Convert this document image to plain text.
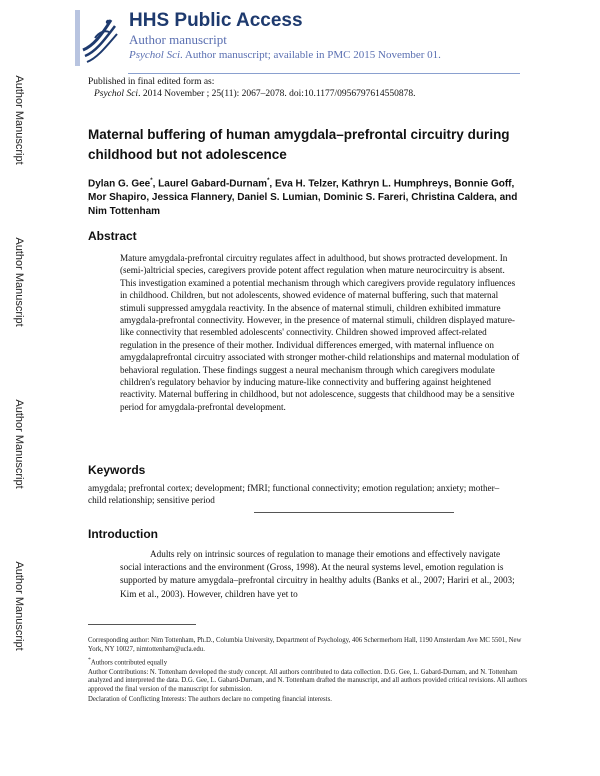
Author Manuscript
Author Manuscript
Author Manuscript
Author Manuscript
HHS Public Access
Author manuscript
Psychol Sci. Author manuscript; available in PMC 2015 November 01.
Published in final edited form as:
Psychol Sci. 2014 November ; 25(11): 2067–2078. doi:10.1177/0956797614550878.
Maternal buffering of human amygdala–prefrontal circuitry during childhood but not adolescence
Dylan G. Gee*, Laurel Gabard-Durnam*, Eva H. Telzer, Kathryn L. Humphreys, Bonnie Goff, Mor Shapiro, Jessica Flannery, Daniel S. Lumian, Dominic S. Fareri, Christina Caldera, and Nim Tottenham
Abstract
Mature amygdala-prefrontal circuitry regulates affect in adulthood, but shows protracted development. In (semi-)altricial species, caregivers provide potent affect regulation when mature neurocircuitry is absent. This investigation examined a potential mechanism through which caregivers provide regulatory influences in childhood. Children, but not adolescents, showed evidence of maternal buffering, such that maternal stimuli suppressed amygdala reactivity. In the absence of maternal stimuli, children exhibited immature amygdala-prefrontal connectivity. However, in the presence of maternal stimuli, children displayed mature-like connectivity that resembled adolescents' connectivity. Children showed improved affect-related regulation in the presence of their mother. Individual differences emerged, with maternal influence on amygdalaprefrontal circuitry associated with stronger mother-child relationships and maternal modulation of behavioral regulation. These findings suggest a neural mechanism through which caregivers modulate children's regulatory behavior by inducing mature-like connectivity and buffering against heightened reactivity. Maternal buffering in childhood, but not adolescence, suggests that childhood may be a sensitive period for amygdala-prefrontal development.
Keywords
amygdala; prefrontal cortex; development; fMRI; functional connectivity; emotion regulation; anxiety; mother–child relationship; sensitive period
Introduction
Adults rely on intrinsic sources of regulation to manage their emotions and effectively navigate social interactions and the environment (Gross, 1998). At the neural systems level, emotion regulation is supported by mature amygdala–prefrontal circuitry in healthy adults (Banks et al., 2007; Hariri et al., 2003; Kim et al., 2003). However, children have yet to

Corresponding author: Nim Tottenham, Ph.D., Columbia University, Department of Psychology, 406 Schermerhorn Hall, 1190 Amsterdam Ave MC 5501, New York, NY 10027, nimtottenham@ucla.edu.

*Authors contributed equally

Author Contributions: N. Tottenham developed the study concept. All authors contributed to data collection. D.G. Gee, L. Gabard-Durnam, and N. Tottenham analyzed and interpreted the data. D.G. Gee, L. Gabard-Durnam, and N. Tottenham drafted the manuscript, and all authors provided critical revisions. All authors approved the final version of the manuscript for submission.

Declaration of Conflicting Interests: The authors declare no competing financial interests.
